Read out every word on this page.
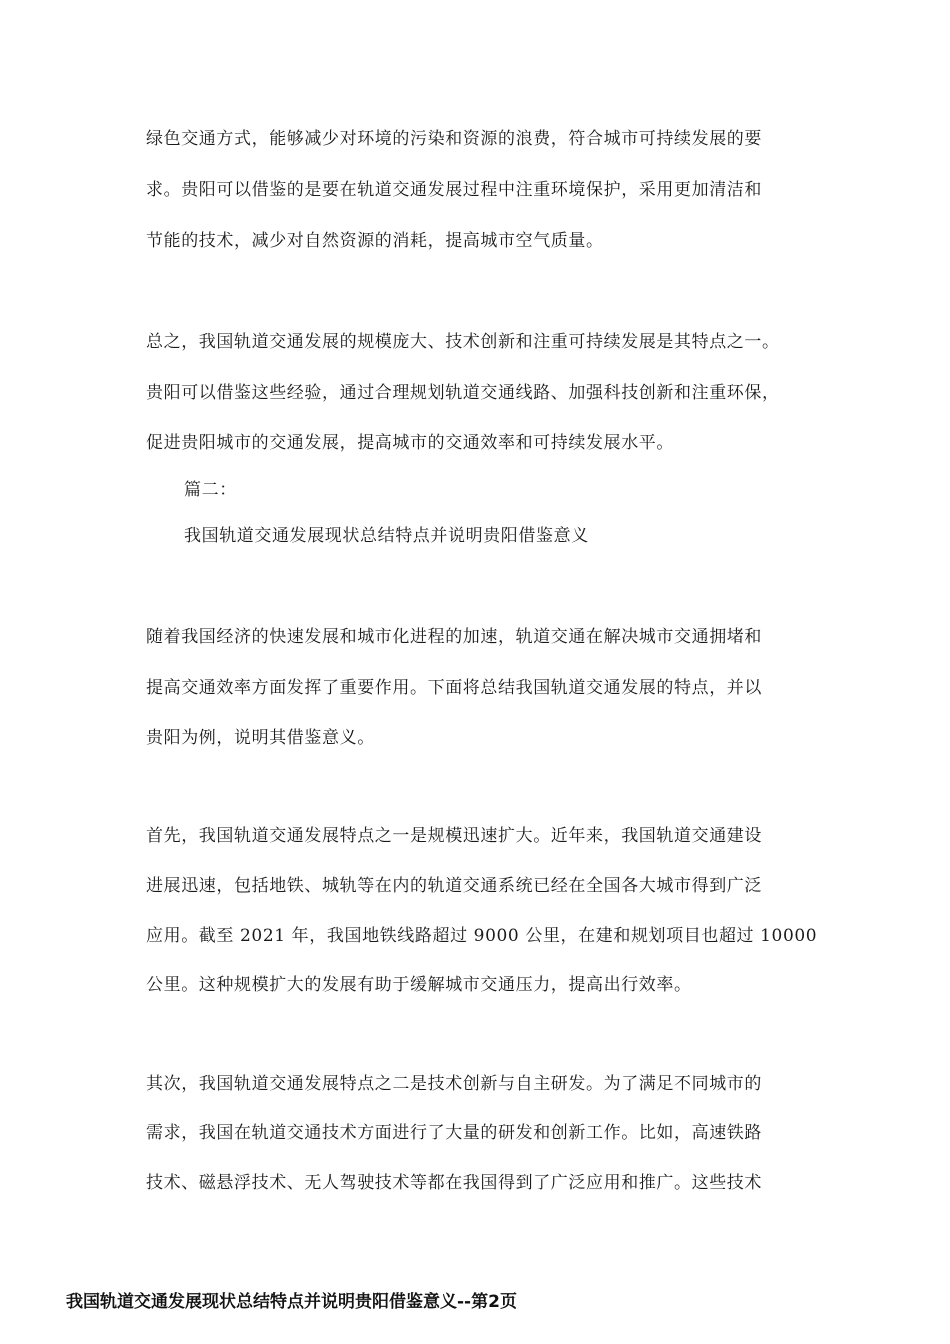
绿色交通方式，能够减少对环境的污染和资源的浪费，符合城市可持续发展的要
求。贵阳可以借鉴的是要在轨道交通发展过程中注重环境保护，采用更加清洁和
节能的技术，减少对自然资源的消耗，提高城市空气质量。
总之，我国轨道交通发展的规模庞大、技术创新和注重可持续发展是其特点之一。
贵阳可以借鉴这些经验，通过合理规划轨道交通线路、加强科技创新和注重环保，
促进贵阳城市的交通发展，提高城市的交通效率和可持续发展水平。
篇二：
我国轨道交通发展现状总结特点并说明贵阳借鉴意义
随着我国经济的快速发展和城市化进程的加速，轨道交通在解决城市交通拥堵和
提高交通效率方面发挥了重要作用。下面将总结我国轨道交通发展的特点，并以
贵阳为例，说明其借鉴意义。
首先，我国轨道交通发展特点之一是规模迅速扩大。近年来，我国轨道交通建设
进展迅速，包括地铁、城轨等在内的轨道交通系统已经在全国各大城市得到广泛
应用。截至 2021 年，我国地铁线路超过 9000 公里，在建和规划项目也超过 10000
公里。这种规模扩大的发展有助于缓解城市交通压力，提高出行效率。
其次，我国轨道交通发展特点之二是技术创新与自主研发。为了满足不同城市的
需求，我国在轨道交通技术方面进行了大量的研发和创新工作。比如，高速铁路
技术、磁悬浮技术、无人驾驶技术等都在我国得到了广泛应用和推广。这些技术
我国轨道交通发展现状总结特点并说明贵阳借鉴意义--第2页
